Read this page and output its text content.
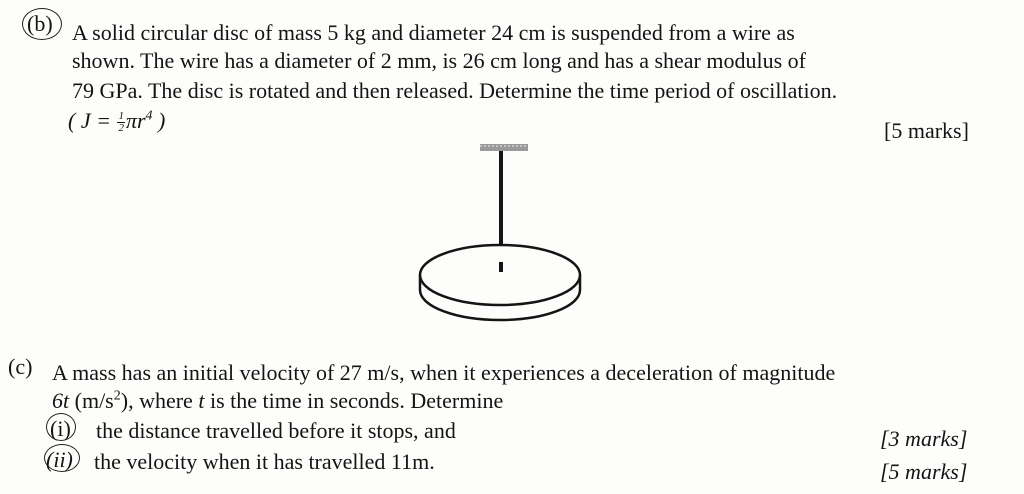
(b) A solid circular disc of mass 5 kg and diameter 24 cm is suspended from a wire as
shown. The wire has a diameter of 2 mm, is 26 cm long and has a shear modulus of
79 GPa. The disc is rotated and then released. Determine the time period of oscillation.
( $J = \frac{1}{2} \pi r^4$ )	[5 marks]
(c) A mass has an initial velocity of 27 m/s, when it experiences a deceleration of magnitude
6t $(m/s^2)$, where t is the time in seconds. Determine
(i) the distance travelled before it stops, and	[3 marks]
(ii) the velocity when it has travelled 11m.	[5 marks]
